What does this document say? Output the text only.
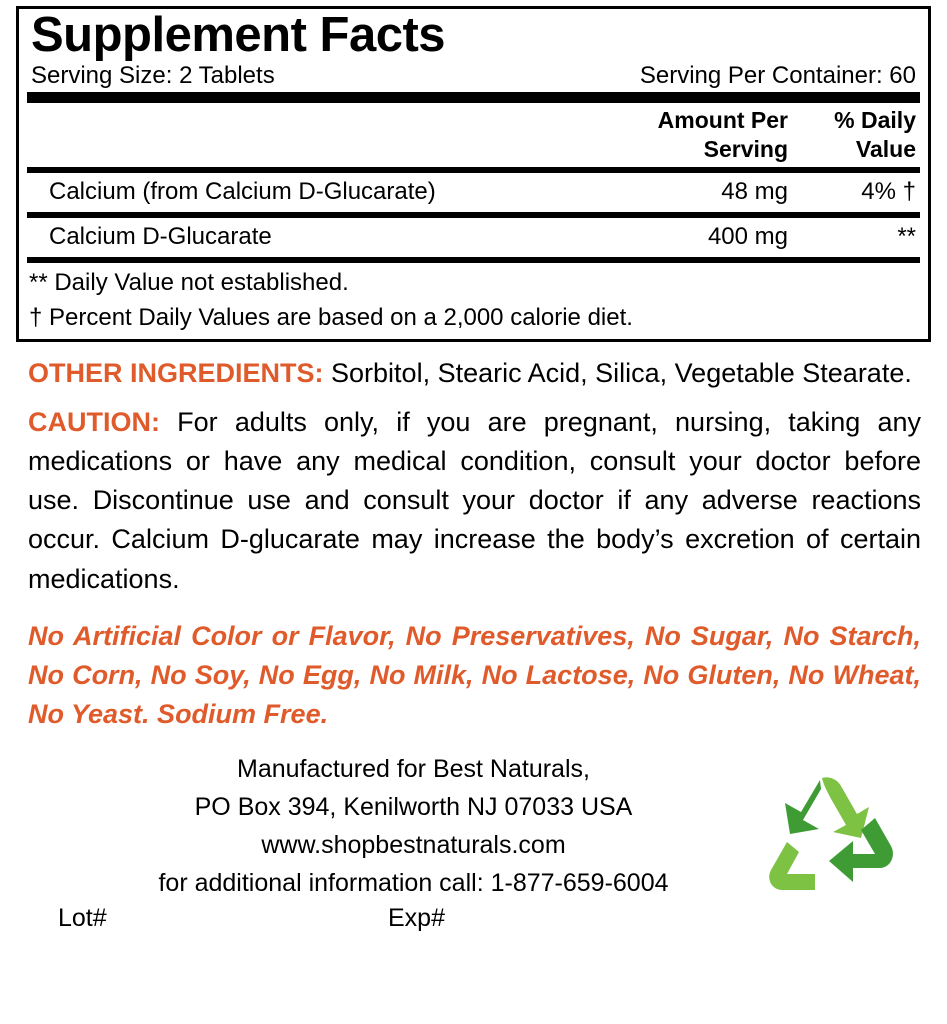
Supplement Facts
Serving Size: 2 Tablets	Serving Per Container: 60
Amount Per
Serving
% Daily
Value
Calcium (from Calcium D-Glucarate)	48 mg	4% †
Calcium D-Glucarate	400 mg	**
** Daily Value not established.
† Percent Daily Values are based on a 2,000 calorie diet.

OTHER INGREDIENTS: Sorbitol, Stearic Acid, Silica, Vegetable Stearate.

CAUTION: For adults only, if you are pregnant, nursing, taking any medications or have any medical condition, consult your doctor before use. Discontinue use and consult your doctor if any adverse reactions occur. Calcium D-glucarate may increase the body’s excretion of certain medications.

No Artificial Color or Flavor, No Preservatives, No Sugar, No Starch, No Corn, No Soy, No Egg, No Milk, No Lactose, No Gluten, No Wheat, No Yeast. Sodium Free.

Manufactured for Best Naturals,
PO Box 394, Kenilworth NJ 07033 USA
www.shopbestnaturals.com
for additional information call: 1-877-659-6004
Lot#	Exp#
